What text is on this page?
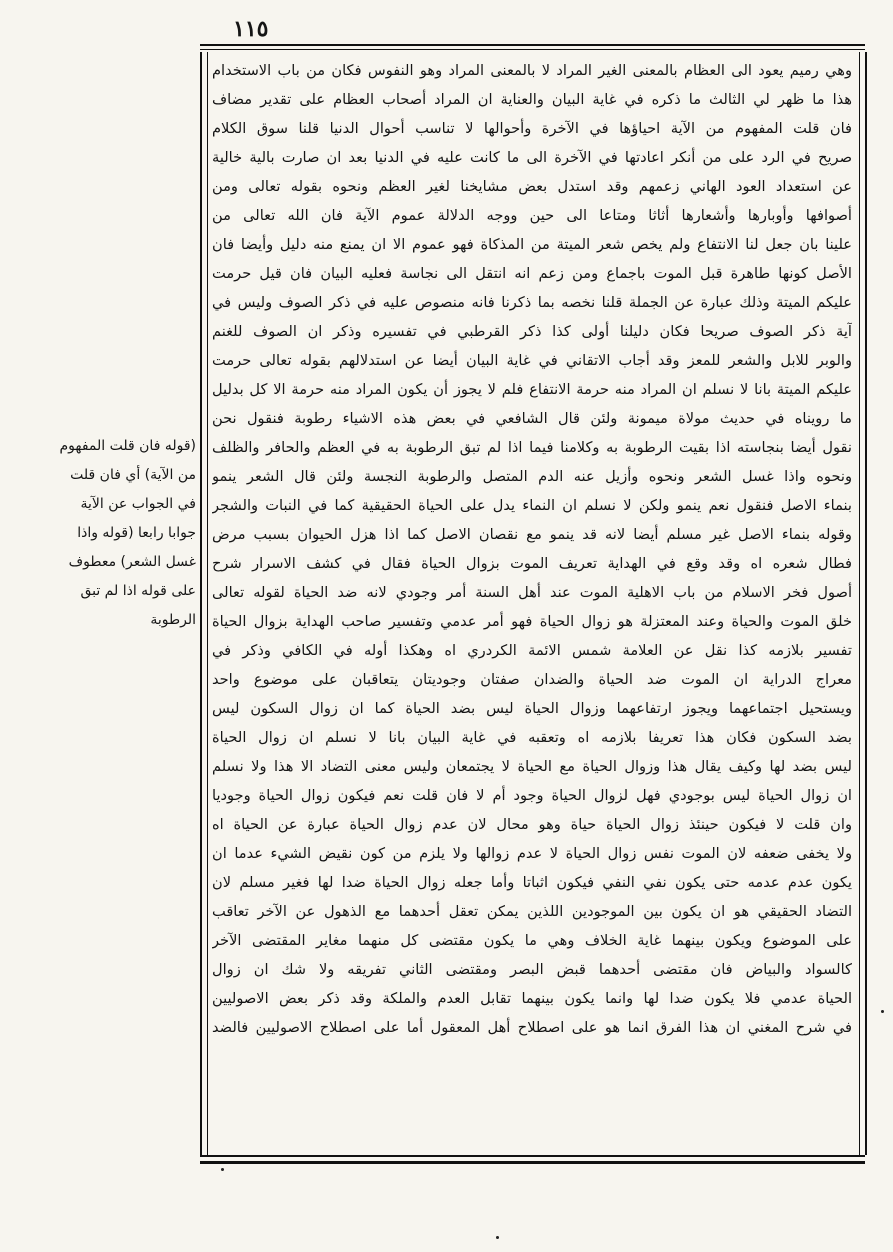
١١٥
وهي رميم يعود الى العظام بالمعنى الغير المراد لا بالمعنى المراد وهو النفوس فكان من باب الاستخدام
هذا ما ظهر لي الثالث ما ذكره في غاية البيان والعناية ان المراد أصحاب العظام على تقدير مضاف
فان قلت المفهوم من الآية احياؤها في الآخرة وأحوالها لا تناسب أحوال الدنيا قلنا سوق الكلام
صريح في الرد على من أنكر اعادتها في الآخرة الى ما كانت عليه في الدنيا بعد ان صارت بالية خالية
عن استعداد العود الهاني زعمهم وقد استدل بعض مشايخنا لغير العظم ونحوه بقوله تعالى ومن
أصوافها وأوبارها وأشعارها أثاثا ومتاعا الى حين ووجه الدلالة عموم الآية فان الله تعالى من
علينا بان جعل لنا الانتفاع ولم يخص شعر الميتة من المذكاة فهو عموم الا ان يمنع منه دليل وأيضا فان
الأصل كونها طاهرة قبل الموت باجماع ومن زعم انه انتقل الى نجاسة فعليه البيان فان قيل حرمت
عليكم الميتة وذلك عبارة عن الجملة قلنا نخصه بما ذكرنا فانه منصوص عليه في ذكر الصوف وليس في
آية ذكر الصوف صريحا فكان دليلنا أولى كذا ذكر القرطبي في تفسيره وذكر ان الصوف للغنم
والوبر للابل والشعر للمعز وقد أجاب الاتقاني في غاية البيان أيضا عن استدلالهم بقوله تعالى حرمت
عليكم الميتة بانا لا نسلم ان المراد منه حرمة الانتفاع فلم لا يجوز أن يكون المراد منه حرمة الا كل بدليل
ما رويناه في حديث مولاة ميمونة ولئن قال الشافعي في بعض هذه الاشياء رطوبة فنقول نحن
نقول أيضا بنجاسته اذا بقيت الرطوبة به وكلامنا فيما اذا لم تبق الرطوبة به في العظم والحافر والظلف
ونحوه واذا غسل الشعر ونحوه وأزيل عنه الدم المتصل والرطوبة النجسة ولئن قال الشعر ينمو
بنماء الاصل فنقول نعم ينمو ولكن لا نسلم ان النماء يدل على الحياة الحقيقية كما في النبات والشجر
وقوله بنماء الاصل غير مسلم أيضا لانه قد ينمو مع نقصان الاصل كما اذا هزل الحيوان بسبب مرض
فطال شعره اه وقد وقع في الهداية تعريف الموت بزوال الحياة فقال في كشف الاسرار شرح
أصول فخر الاسلام من باب الاهلية الموت عند أهل السنة أمر وجودي لانه ضد الحياة لقوله تعالى
خلق الموت والحياة وعند المعتزلة هو زوال الحياة فهو أمر عدمي وتفسير صاحب الهداية بزوال الحياة
تفسير بلازمه كذا نقل عن العلامة شمس الائمة الكردري اه وهكذا أوله في الكافي وذكر في
معراج الدراية ان الموت ضد الحياة والضدان صفتان وجوديتان يتعاقبان على موضوع واحد
ويستحيل اجتماعهما ويجوز ارتفاعهما وزوال الحياة ليس بضد الحياة كما ان زوال السكون ليس
بضد السكون فكان هذا تعريفا بلازمه اه وتعقبه في غاية البيان بانا لا نسلم ان زوال الحياة
ليس بضد لها وكيف يقال هذا وزوال الحياة مع الحياة لا يجتمعان وليس معنى التضاد الا هذا ولا نسلم
ان زوال الحياة ليس بوجودي فهل لزوال الحياة وجود أم لا فان قلت نعم فيكون زوال الحياة وجوديا
وان قلت لا فيكون حينئذ زوال الحياة حياة وهو محال لان عدم زوال الحياة عبارة عن الحياة اه
ولا يخفى ضعفه لان الموت نفس زوال الحياة لا عدم زوالها ولا يلزم من كون نقيض الشيء عدما ان
يكون عدم عدمه حتى يكون نفي النفي فيكون اثباتا وأما جعله زوال الحياة ضدا لها فغير مسلم لان
التضاد الحقيقي هو ان يكون بين الموجودين اللذين يمكن تعقل أحدهما مع الذهول عن الآخر تعاقب
على الموضوع ويكون بينهما غاية الخلاف وهي ما يكون مقتضى كل منهما مغاير المقتضى الآخر
كالسواد والبياض فان مقتضى أحدهما قبض البصر ومقتضى الثاني تفريقه ولا شك ان زوال
الحياة عدمي فلا يكون ضدا لها وانما يكون بينهما تقابل العدم والملكة وقد ذكر بعض الاصوليين
في شرح المغني ان هذا الفرق انما هو على اصطلاح أهل المعقول أما على اصطلاح الاصوليين فالضد
(قوله فان قلت المفهوم
من الآية) أي فان قلت
في الجواب عن الآية
جوابا رابعا (قوله واذا
غسل الشعر) معطوف
على قوله اذا لم تبق
الرطوبة
